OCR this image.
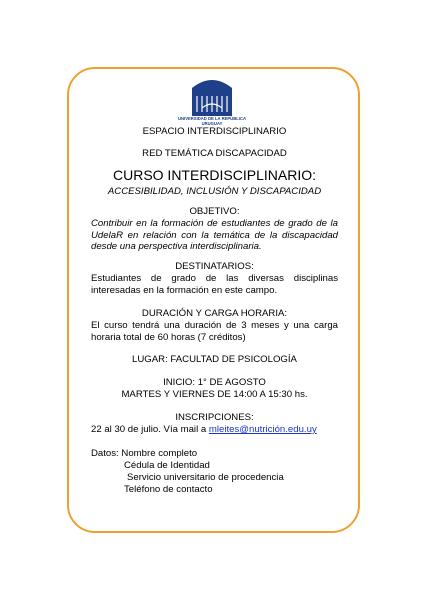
UNIVERSIDAD DE LA REPÚBLICA
URUGUAY

ESPACIO INTERDISCIPLINARIO

RED TEMÁTICA DISCAPACIDAD

CURSO INTERDISCIPLINARIO:

ACCESIBILIDAD, INCLUSIÓN Y DISCAPACIDAD

OBJETIVO:

Contribuir en la formación de estudiantes de grado de la UdelaR en relación con la temática de la discapacidad desde una perspectiva interdisciplinaria.

DESTINATARIOS:

Estudiantes de grado de las diversas disciplinas interesadas en la formación en este campo.

DURACIÓN Y CARGA HORARIA:

El curso tendrá una duración de 3 meses y una carga horaria total de 60 horas (7 créditos)

LUGAR: FACULTAD DE PSICOLOGÍA

INICIO: 1° DE AGOSTO

MARTES Y VIERNES DE 14:00 A 15:30 hs.

INSCRIPCIONES:

22 al 30 de julio. Vía mail a mleites@nutrición.edu.uy

Datos: Nombre completo

Cédula de Identidad

Servicio universitario de procedencia

Teléfono de contacto
